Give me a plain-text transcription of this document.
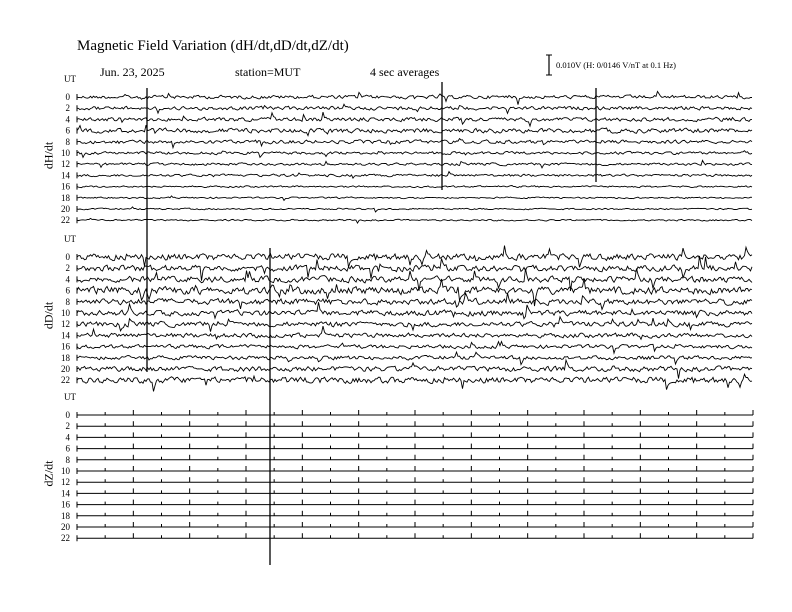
0
2
4
6
8
10
12
14
16
18
20
22
0
2
4
6
8
10
12
14
16
18
20
22
0
2
4
6
8
10
12
14
16
18
20
22
Magnetic Field Variation (dH/dt,dD/dt,dZ/dt)
Jun. 23, 2025	station=MUT	4 sec averages	0.010V (H: 0/0146 V/nT at 0.1 Hz)
UT
UT
UT
dH/dt
dD/dt
dZ/dt
